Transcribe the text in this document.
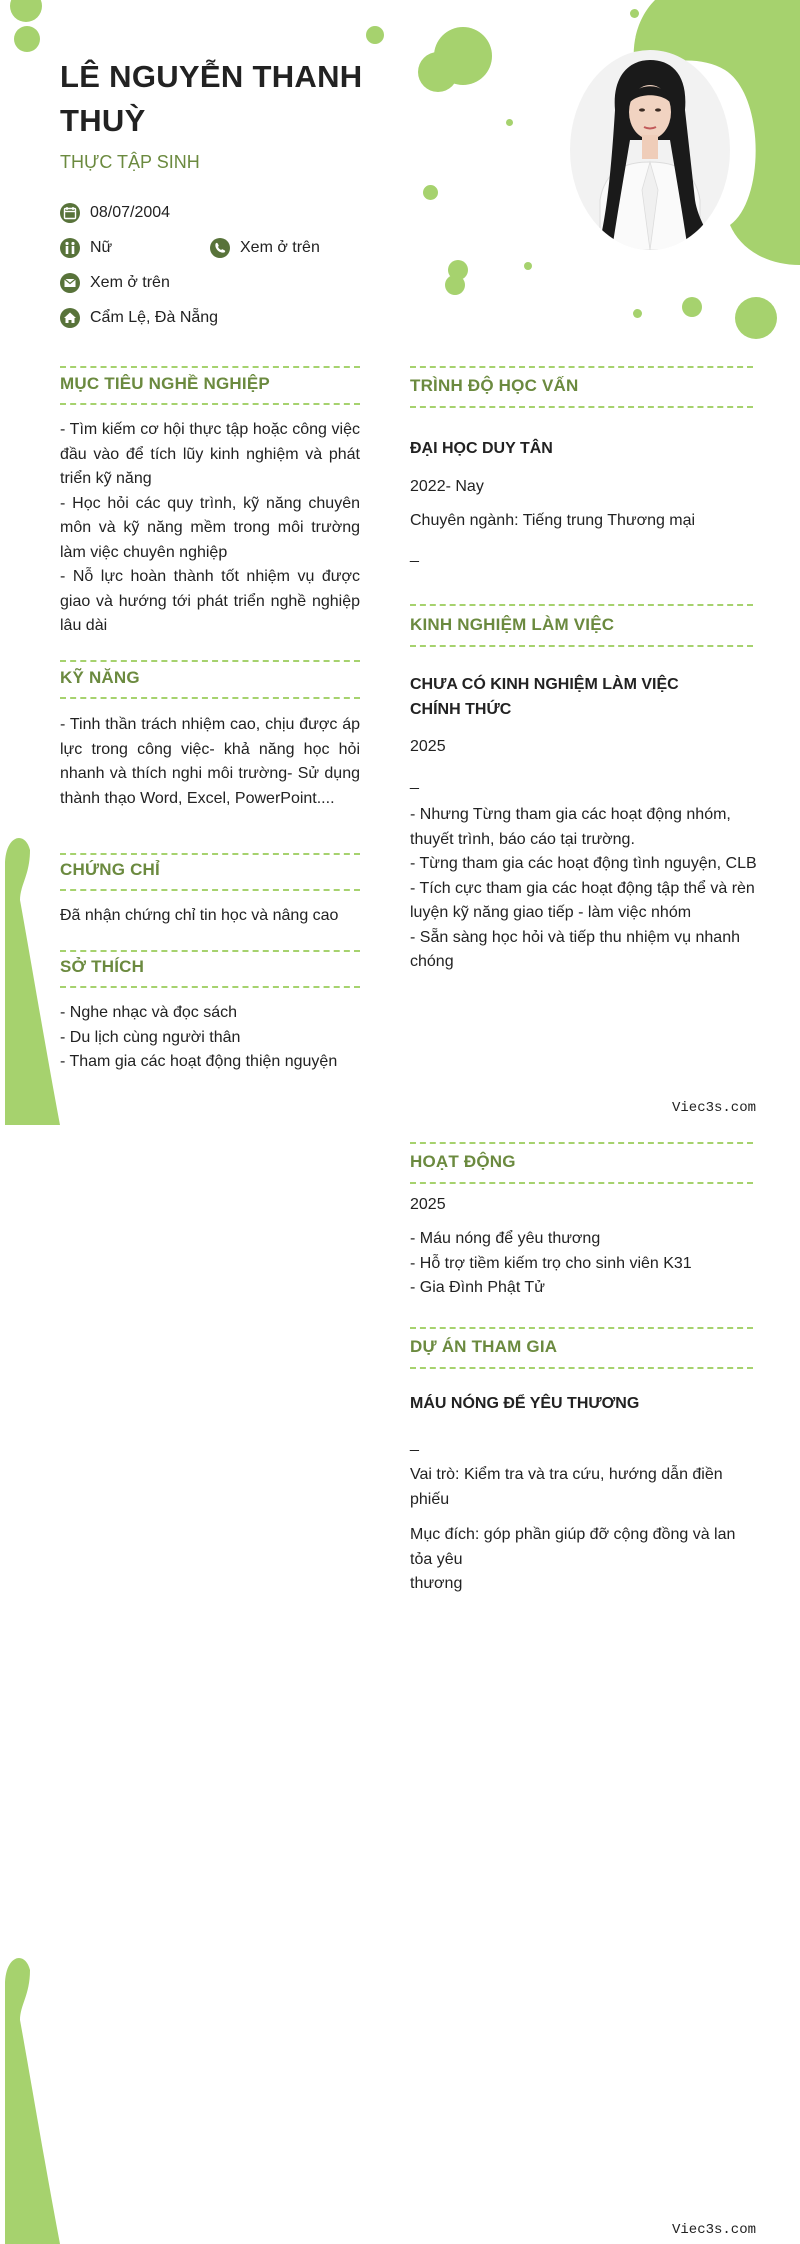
LÊ NGUYỄN THANH THUỲ
THỰC TẬP SINH
08/07/2004
Nữ	Xem ở trên
Xem ở trên
Cẩm Lệ, Đà Nẵng
MỤC TIÊU NGHỀ NGHIỆP

- Tìm kiếm cơ hội thực tập hoặc công việc đầu vào để tích lũy kinh nghiệm và phát triển kỹ năng

- Học hỏi các quy trình, kỹ năng chuyên môn và kỹ năng mềm trong môi trường làm việc chuyên nghiệp

- Nỗ lực hoàn thành tốt nhiệm vụ được giao và hướng tới phát triển nghề nghiệp lâu dài

KỸ NĂNG
- Tinh thần trách nhiệm cao, chịu được áp lực trong công việc- khả năng học hỏi nhanh và thích nghi môi trường- Sử dụng thành thạo Word, Excel, PowerPoint....
CHỨNG CHỈ
Đã nhận chứng chỉ tin học và nâng cao
SỞ THÍCH

- Nghe nhạc và đọc sách

- Du lịch cùng người thân

- Tham gia các hoạt động thiện nguyện

TRÌNH ĐỘ HỌC VẤN
ĐẠI HỌC DUY TÂN
2022- Nay
Chuyên ngành: Tiếng trung Thương mại
_
KINH NGHIỆM LÀM VIỆC
CHƯA CÓ KINH NGHIỆM LÀM VIỆC CHÍNH THỨC
2025
_

- Nhưng Từng tham gia các hoạt động nhóm, thuyết trình, báo cáo tại trường.

- Từng tham gia các hoạt động tình nguyện, CLB

- Tích cực tham gia các hoạt động tập thể và rèn luyện kỹ năng giao tiếp - làm việc nhóm

- Sẵn sàng học hỏi và tiếp thu nhiệm vụ nhanh chóng

Viec3s.com
HOẠT ĐỘNG
2025

- Máu nóng để yêu thương

- Hỗ trợ tiềm kiếm trọ cho sinh viên K31

- Gia Đình Phật Tử

DỰ ÁN THAM GIA
MÁU NÓNG ĐỂ YÊU THƯƠNG
_
Vai trò: Kiểm tra và tra cứu, hướng dẫn điền phiếu

Mục đích: góp phần giúp đỡ cộng đồng và lan tỏa yêu

thương

Viec3s.com
